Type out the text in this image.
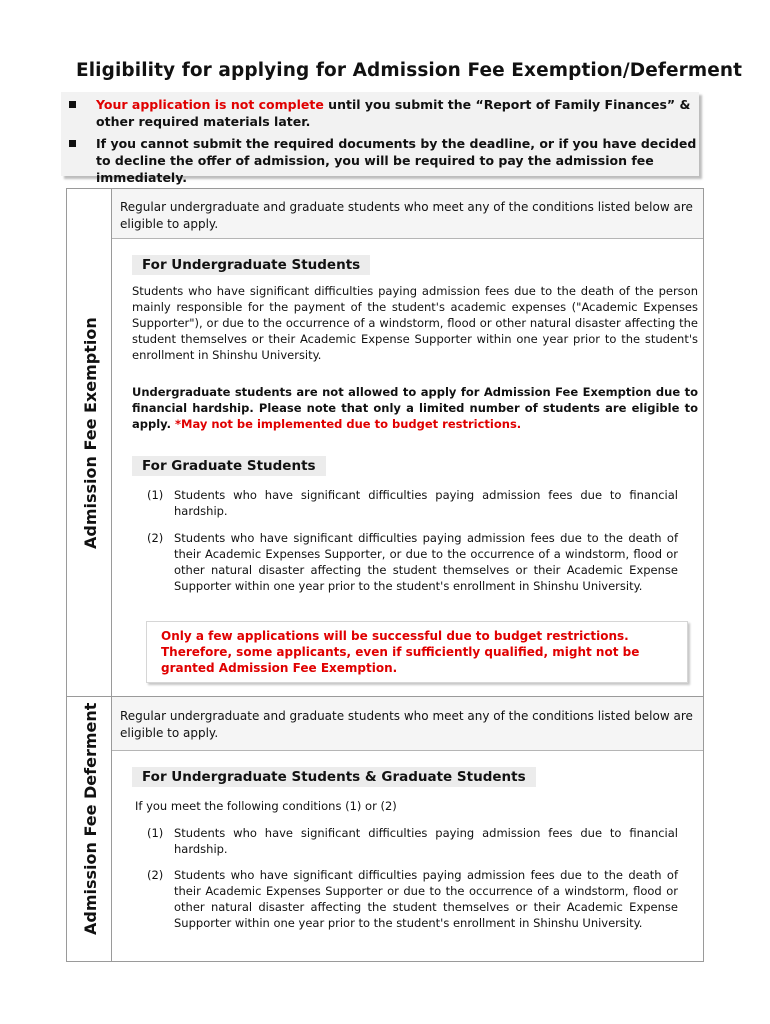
Eligibility for applying for Admission Fee Exemption/Deferment
Your application is not complete until you submit the “Report of Family Finances” & other required materials later.
If you cannot submit the required documents by the deadline, or if you have decided to decline the offer of admission, you will be required to pay the admission fee immediately.
Admission Fee Exemption
Regular undergraduate and graduate students who meet any of the conditions listed below are eligible to apply.
For Undergraduate Students
Students who have significant difficulties paying admission fees due to the death of the person mainly responsible for the payment of the student's academic expenses ("Academic Expenses Supporter"), or due to the occurrence of a windstorm, flood or other natural disaster affecting the student themselves or their Academic Expense Supporter within one year prior to the student's enrollment in Shinshu University.
Undergraduate students are not allowed to apply for Admission Fee Exemption due to financial hardship. Please note that only a limited number of students are eligible to apply. *May not be implemented due to budget restrictions.
For Graduate Students
(1) Students who have significant difficulties paying admission fees due to financial hardship.
(2) Students who have significant difficulties paying admission fees due to the death of their Academic Expenses Supporter, or due to the occurrence of a windstorm, flood or other natural disaster affecting the student themselves or their Academic Expense Supporter within one year prior to the student's enrollment in Shinshu University.
Admission Fee Deferment Regular undergraduate and graduate students who meet any of the conditions listed below are eligible to apply.
For Undergraduate Students & Graduate Students
If you meet the following conditions (1) or (2)
(1) Students who have significant difficulties paying admission fees due to financial hardship.
(2) Students who have significant difficulties paying admission fees due to the death of their Academic Expenses Supporter or due to the occurrence of a windstorm, flood or other natural disaster affecting the student themselves or their Academic Expense Supporter within one year prior to the student's enrollment in Shinshu University.
Only a few applications will be successful due to budget restrictions. Therefore, some applicants, even if sufficiently qualified, might not be granted Admission Fee Exemption.
